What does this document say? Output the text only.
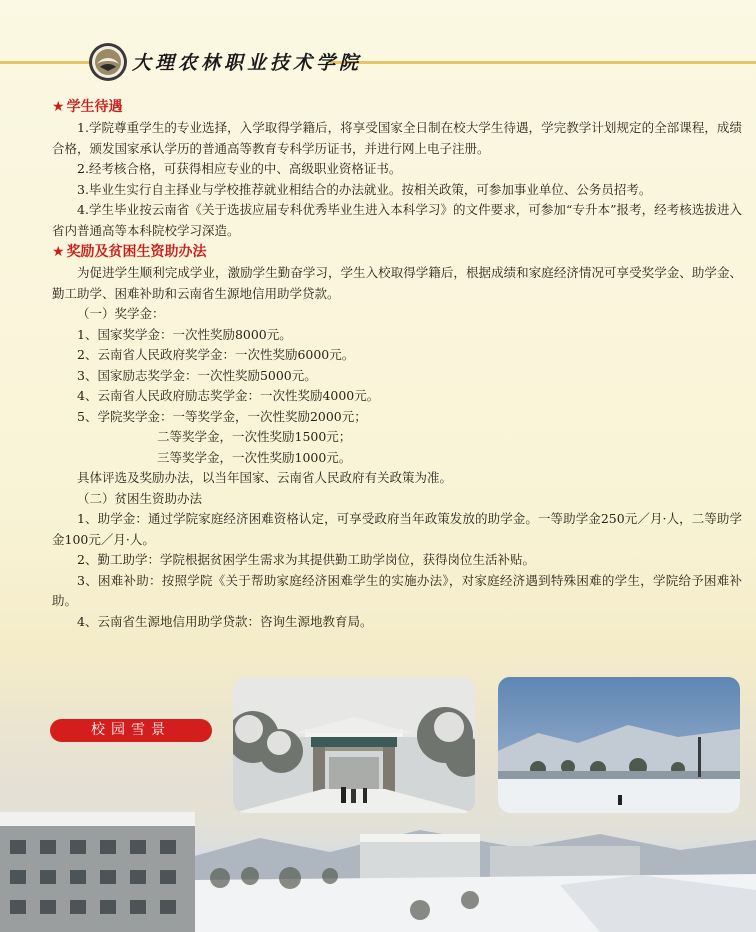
大理农林职业技术学院
★ 学生待遇

1.学院尊重学生的专业选择，入学取得学籍后，将享受国家全日制在校大学生待遇，学完教学计划规定的全部课程，成绩合格，颁发国家承认学历的普通高等教育专科学历证书，并进行网上电子注册。

2.经考核合格，可获得相应专业的中、高级职业资格证书。

3.毕业生实行自主择业与学校推荐就业相结合的办法就业。按相关政策，可参加事业单位、公务员招考。

4.学生毕业按云南省《关于选拔应届专科优秀毕业生进入本科学习》的文件要求，可参加“专升本”报考，经考核选拔进入省内普通高等本科院校学习深造。

★ 奖励及贫困生资助办法

为促进学生顺利完成学业，激励学生勤奋学习，学生入校取得学籍后，根据成绩和家庭经济情况可享受奖学金、助学金、勤工助学、困难补助和云南省生源地信用助学贷款。

（一）奖学金：

1、国家奖学金：一次性奖励8000元。

2、云南省人民政府奖学金：一次性奖励6000元。

3、国家励志奖学金：一次性奖励5000元。

4、云南省人民政府励志奖学金：一次性奖励4000元。

5、学院奖学金：一等奖学金，一次性奖励2000元；

二等奖学金，一次性奖励1500元；

三等奖学金，一次性奖励1000元。

具体评选及奖励办法，以当年国家、云南省人民政府有关政策为准。

（二）贫困生资助办法

1、助学金：通过学院家庭经济困难资格认定，可享受政府当年政策发放的助学金。一等助学金250元／月·人，二等助学金100元／月·人。

2、勤工助学：学院根据贫困学生需求为其提供勤工助学岗位，获得岗位生活补贴。

3、困难补助：按照学院《关于帮助家庭经济困难学生的实施办法》，对家庭经济遇到特殊困难的学生，学院给予困难补助。

4、云南省生源地信用助学贷款：咨询生源地教育局。

校园雪景
